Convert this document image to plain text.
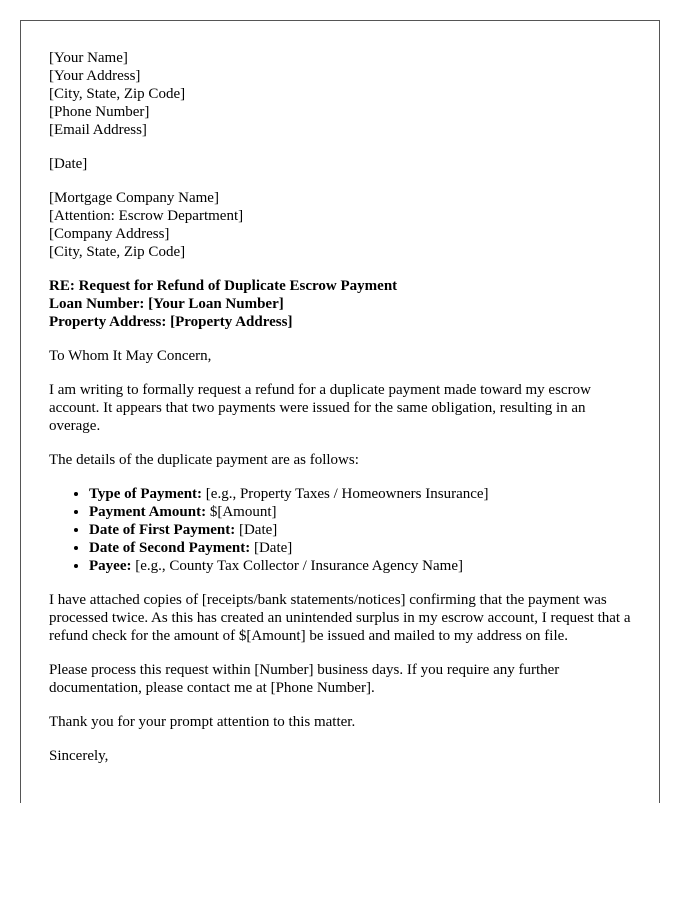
[Your Name]
[Your Address]
[City, State, Zip Code]
[Phone Number]
[Email Address]
[Date]
[Mortgage Company Name]
[Attention: Escrow Department]
[Company Address]
[City, State, Zip Code]
RE: Request for Refund of Duplicate Escrow Payment
Loan Number: [Your Loan Number]
Property Address: [Property Address]

To Whom It May Concern,

I am writing to formally request a refund for a duplicate payment made toward my escrow account. It appears that two payments were issued for the same obligation, resulting in an overage.

The details of the duplicate payment are as follows:

• Type of Payment: [e.g., Property Taxes / Homeowners Insurance]
• Payment Amount: $[Amount]
• Date of First Payment: [Date]
• Date of Second Payment: [Date]
• Payee: [e.g., County Tax Collector / Insurance Agency Name]

I have attached copies of [receipts/bank statements/notices] confirming that the payment was processed twice. As this has created an unintended surplus in my escrow account, I request that a refund check for the amount of $[Amount] be issued and mailed to my address on file.

Please process this request within [Number] business days. If you require any further documentation, please contact me at [Phone Number].

Thank you for your prompt attention to this matter.

Sincerely,
